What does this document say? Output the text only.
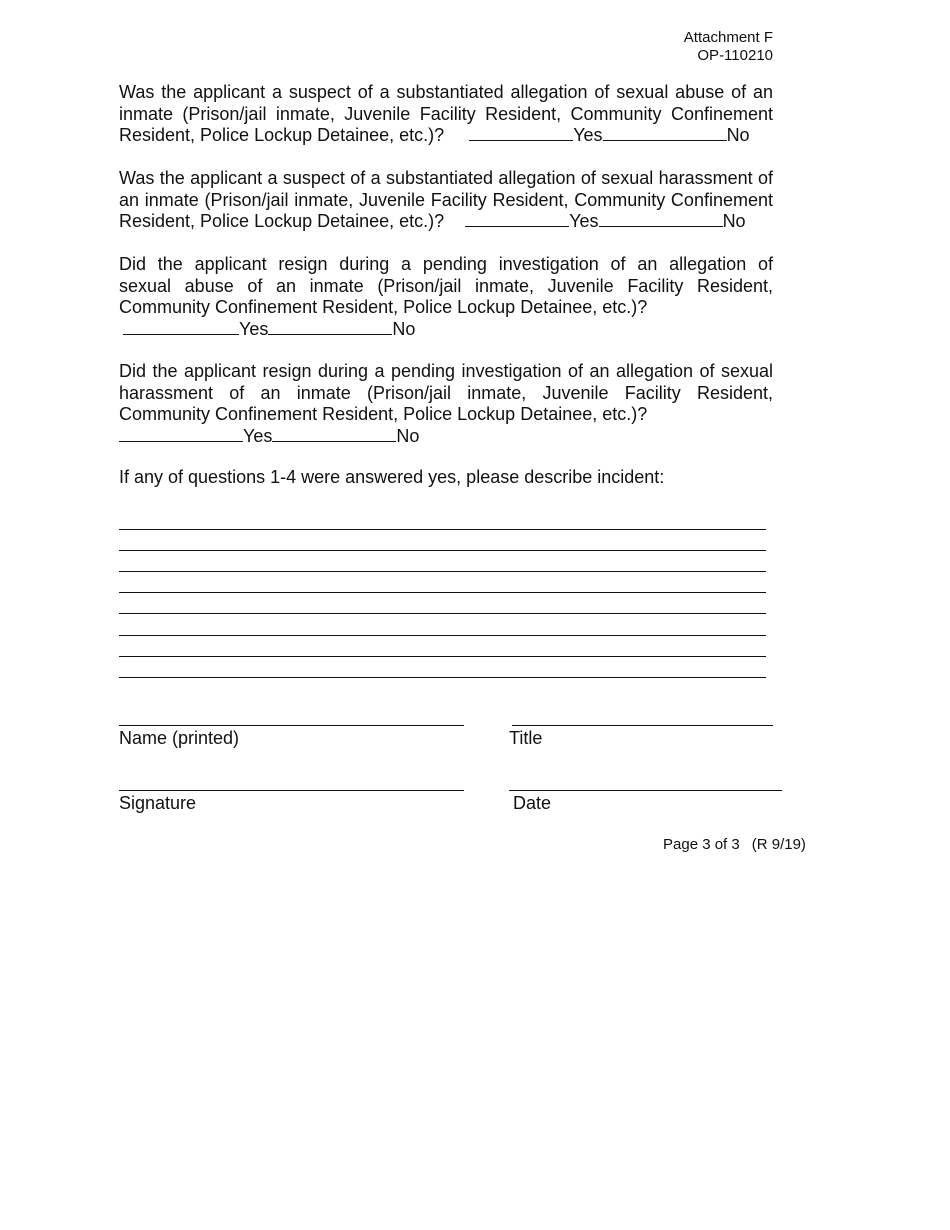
Attachment F
OP-110210

Was the applicant a suspect of a substantiated allegation of sexual abuse of an

inmate (Prison/jail inmate, Juvenile Facility Resident, Community Confinement

Resident, Police Lockup Detainee, etc.)?	Yes	No

Was the applicant a suspect of a substantiated allegation of sexual harassment of

an inmate (Prison/jail inmate, Juvenile Facility Resident, Community Confinement

Resident, Police Lockup Detainee, etc.)?	Yes	No

Did the applicant resign during a pending investigation of an allegation of

sexual abuse of an inmate (Prison/jail inmate, Juvenile Facility Resident,

Community Confinement Resident, Police Lockup Detainee, etc.)?

Yes	No

Did the applicant resign during a pending investigation of an allegation of sexual

harassment of an inmate (Prison/jail inmate, Juvenile Facility Resident,

Community Confinement Resident, Police Lockup Detainee, etc.)?

Yes	No

If any of questions 1-4 were answered yes, please describe incident:
Name (printed)	Title
Signature	Date
Page 3 of 3 (R 9/19)
